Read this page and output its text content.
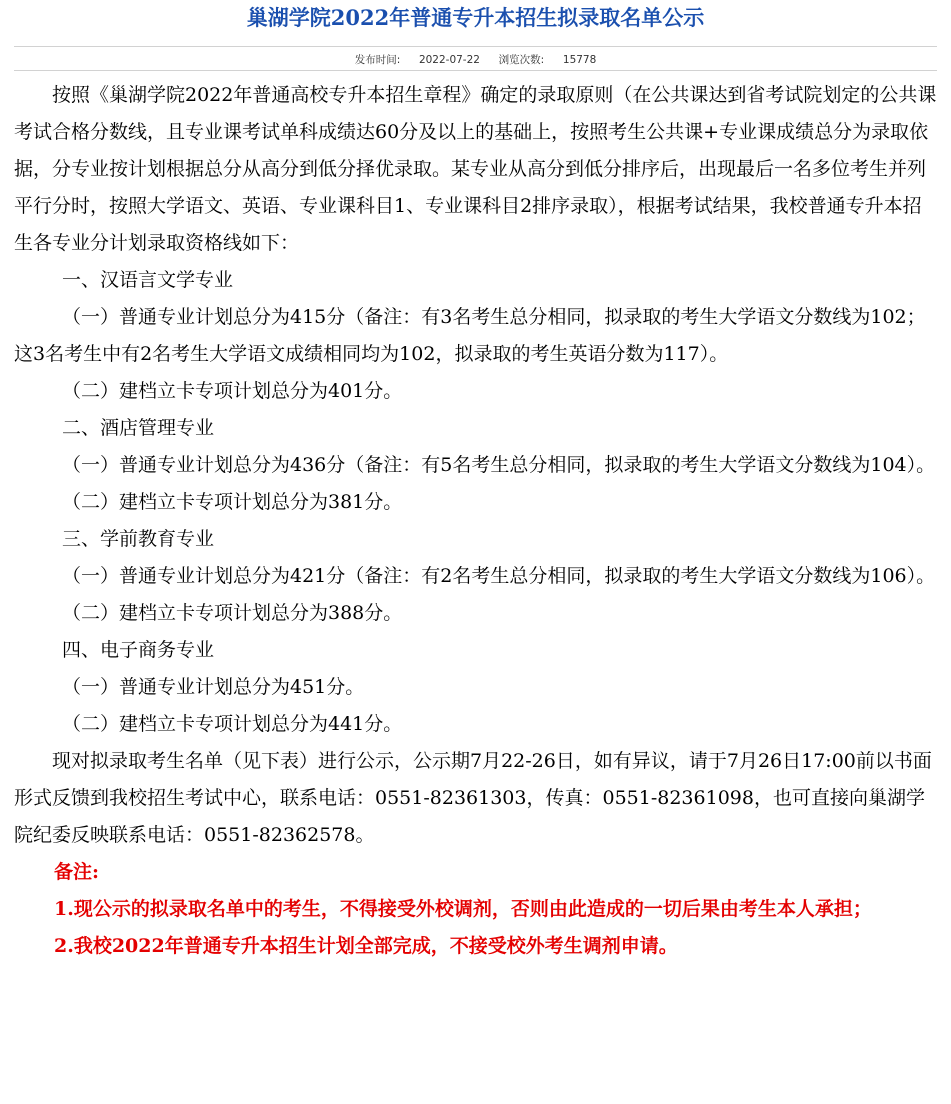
巢湖学院2022年普通专升本招生拟录取名单公示
发布时间: 2022-07-22 浏览次数: 15778

按照《巢湖学院2022年普通高校专升本招生章程》确定的录取原则（在公共课达到省考试院划定的公共课考试合格分数线，且专业课考试单科成绩达60分及以上的基础上，按照考生公共课+专业课成绩总分为录取依据，分专业按计划根据总分从高分到低分择优录取。某专业从高分到低分排序后，出现最后一名多位考生并列平行分时，按照大学语文、英语、专业课科目1、专业课科目2排序录取），根据考试结果，我校普通专升本招生各专业分计划录取资格线如下：

一、汉语言文学专业

（一）普通专业计划总分为415分（备注：有3名考生总分相同，拟录取的考生大学语文分数线为102；这3名考生中有2名考生大学语文成绩相同均为102，拟录取的考生英语分数为117）。

（二）建档立卡专项计划总分为401分。

二、酒店管理专业

（一）普通专业计划总分为436分（备注：有5名考生总分相同，拟录取的考生大学语文分数线为104）。

（二）建档立卡专项计划总分为381分。

三、学前教育专业

（一）普通专业计划总分为421分（备注：有2名考生总分相同，拟录取的考生大学语文分数线为106）。

（二）建档立卡专项计划总分为388分。

四、电子商务专业

（一）普通专业计划总分为451分。

（二）建档立卡专项计划总分为441分。

现对拟录取考生名单（见下表）进行公示，公示期7月22-26日，如有异议，请于7月26日17:00前以书面形式反馈到我校招生考试中心，联系电话：0551-82361303，传真：0551-82361098，也可直接向巢湖学院纪委反映联系电话：0551-82362578。

备注:

1.现公示的拟录取名单中的考生，不得接受外校调剂，否则由此造成的一切后果由考生本人承担；

2.我校2022年普通专升本招生计划全部完成，不接受校外考生调剂申请。
